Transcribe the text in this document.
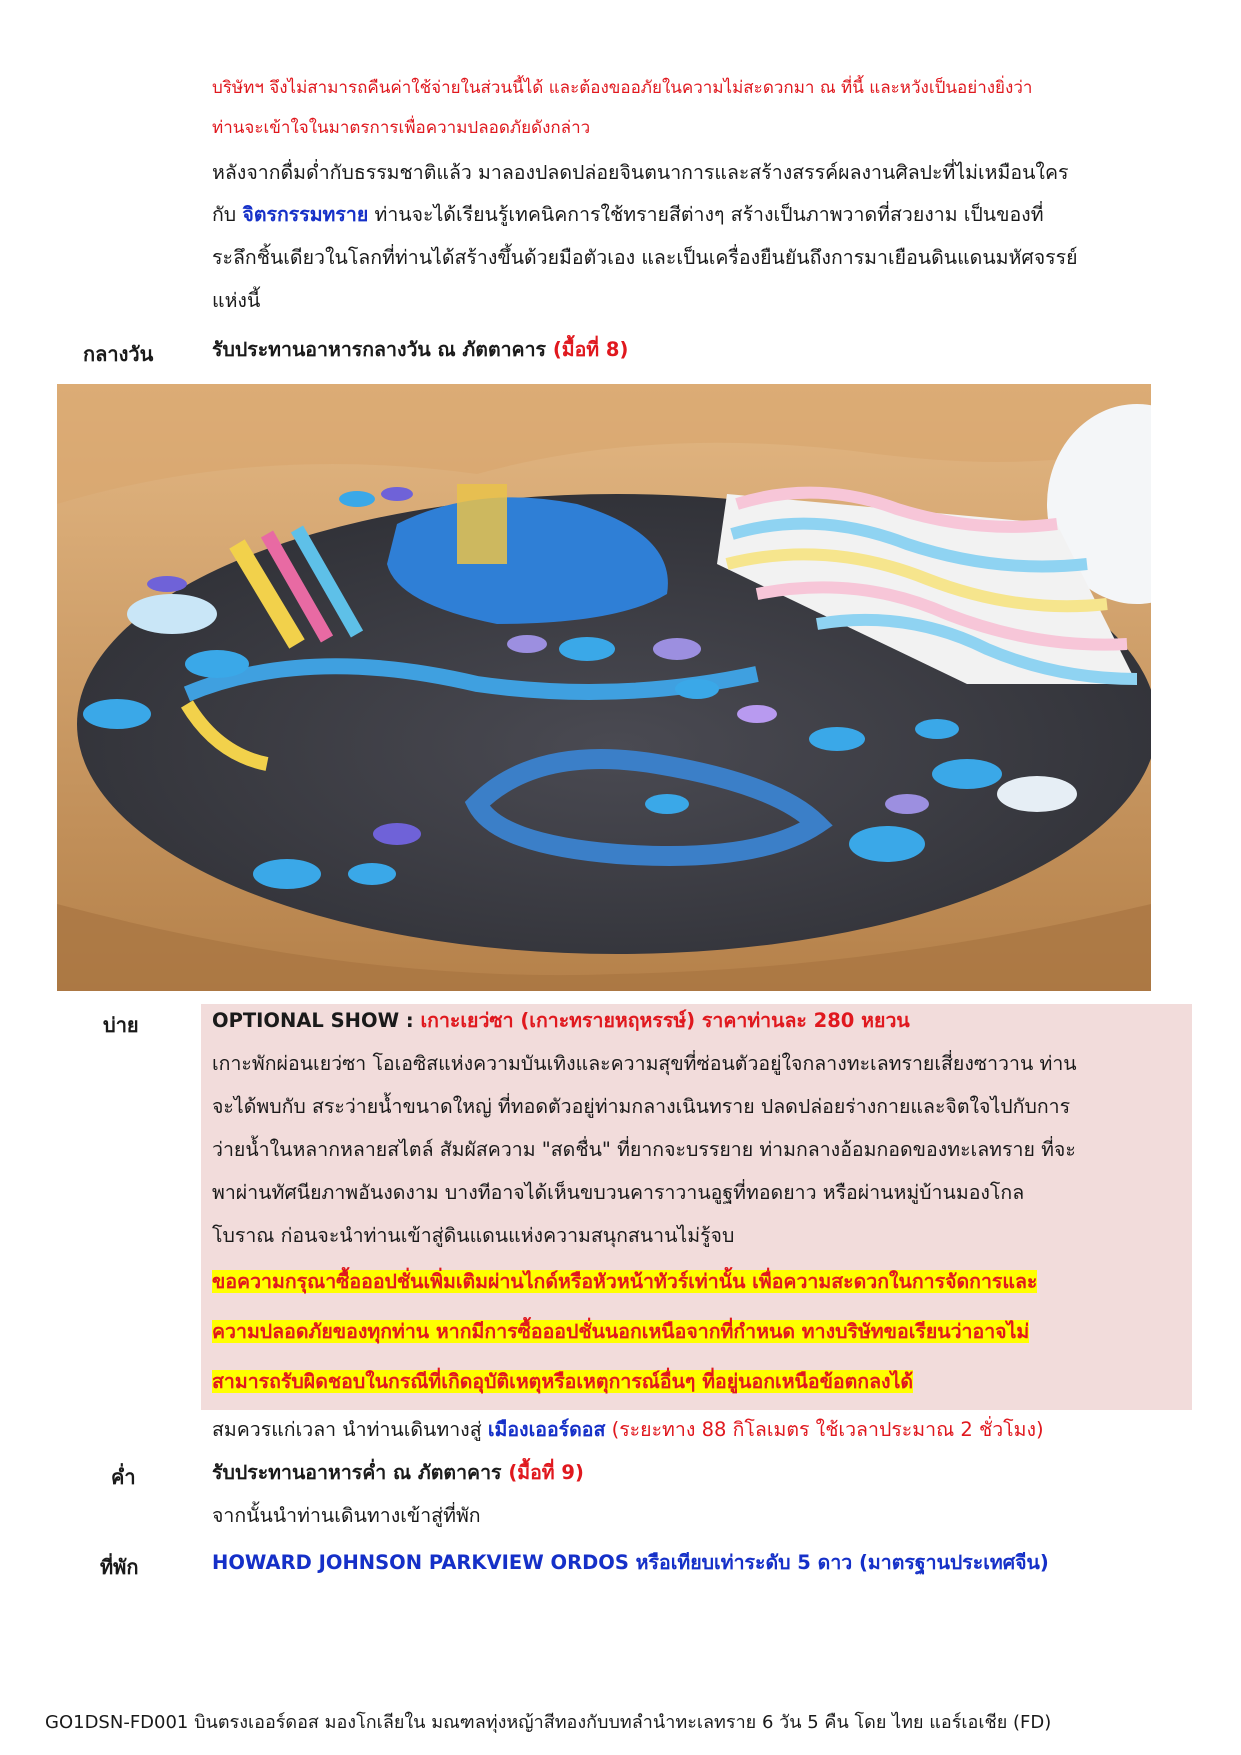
บริษัทฯ จึงไม่สามารถคืนค่าใช้จ่ายในส่วนนี้ได้ และต้องขออภัยในความไม่สะดวกมา ณ ที่นี้ และหวังเป็นอย่างยิ่งว่า
ท่านจะเข้าใจในมาตรการเพื่อความปลอดภัยดังกล่าว
หลังจากดื่มด่ำกับธรรมชาติแล้ว มาลองปลดปล่อยจินตนาการและสร้างสรรค์ผลงานศิลปะที่ไม่เหมือนใคร
กับ จิตรกรรมทราย ท่านจะได้เรียนรู้เทคนิคการใช้ทรายสีต่างๆ สร้างเป็นภาพวาดที่สวยงาม เป็นของที่
ระลึกชิ้นเดียวในโลกที่ท่านได้สร้างขึ้นด้วยมือตัวเอง และเป็นเครื่องยืนยันถึงการมาเยือนดินแดนมหัศจรรย์
แห่งนี้
กลางวัน	รับประทานอาหารกลางวัน ณ ภัตตาคาร (มื้อที่ 8)
บ่าย	OPTIONAL SHOW : เกาะเยว่ซา (เกาะทรายหฤหรรษ์) ราคาท่านละ 280 หยวน
เกาะพักผ่อนเยว่ซา โอเอซิสแห่งความบันเทิงและความสุขที่ซ่อนตัวอยู่ใจกลางทะเลทรายเสี่ยงซาวาน ท่าน
จะได้พบกับ สระว่ายน้ำขนาดใหญ่ ที่ทอดตัวอยู่ท่ามกลางเนินทราย ปลดปล่อยร่างกายและจิตใจไปกับการ
ว่ายน้ำในหลากหลายสไตล์ สัมผัสความ "สดชื่น" ที่ยากจะบรรยาย ท่ามกลางอ้อมกอดของทะเลทราย ที่จะ
พาผ่านทัศนียภาพอันงดงาม บางทีอาจได้เห็นขบวนคาราวานอูฐที่ทอดยาว หรือผ่านหมู่บ้านมองโกล
โบราณ ก่อนจะนำท่านเข้าสู่ดินแดนแห่งความสนุกสนานไม่รู้จบ
ขอความกรุณาซื้อออปชั่นเพิ่มเติมผ่านไกด์หรือหัวหน้าทัวร์เท่านั้น เพื่อความสะดวกในการจัดการและ
ความปลอดภัยของทุกท่าน หากมีการซื้อออปชั่นนอกเหนือจากที่กำหนด ทางบริษัทขอเรียนว่าอาจไม่
สามารถรับผิดชอบในกรณีที่เกิดอุบัติเหตุหรือเหตุการณ์อื่นๆ ที่อยู่นอกเหนือข้อตกลงได้
สมควรแก่เวลา นำท่านเดินทางสู่ เมืองเออร์ดอส (ระยะทาง 88 กิโลเมตร ใช้เวลาประมาณ 2 ชั่วโมง)
ค่ำ	รับประทานอาหารค่ำ ณ ภัตตาคาร (มื้อที่ 9)
จากนั้นนำท่านเดินทางเข้าสู่ที่พัก
ที่พัก	HOWARD JOHNSON PARKVIEW ORDOS หรือเทียบเท่าระดับ 5 ดาว (มาตรฐานประเทศจีน)
GO1DSN-FD001 บินตรงเออร์ดอส มองโกเลียใน มณฑลทุ่งหญ้าสีทองกับบทลำนำทะเลทราย 6 วัน 5 คืน โดย ไทย แอร์เอเชีย (FD)
